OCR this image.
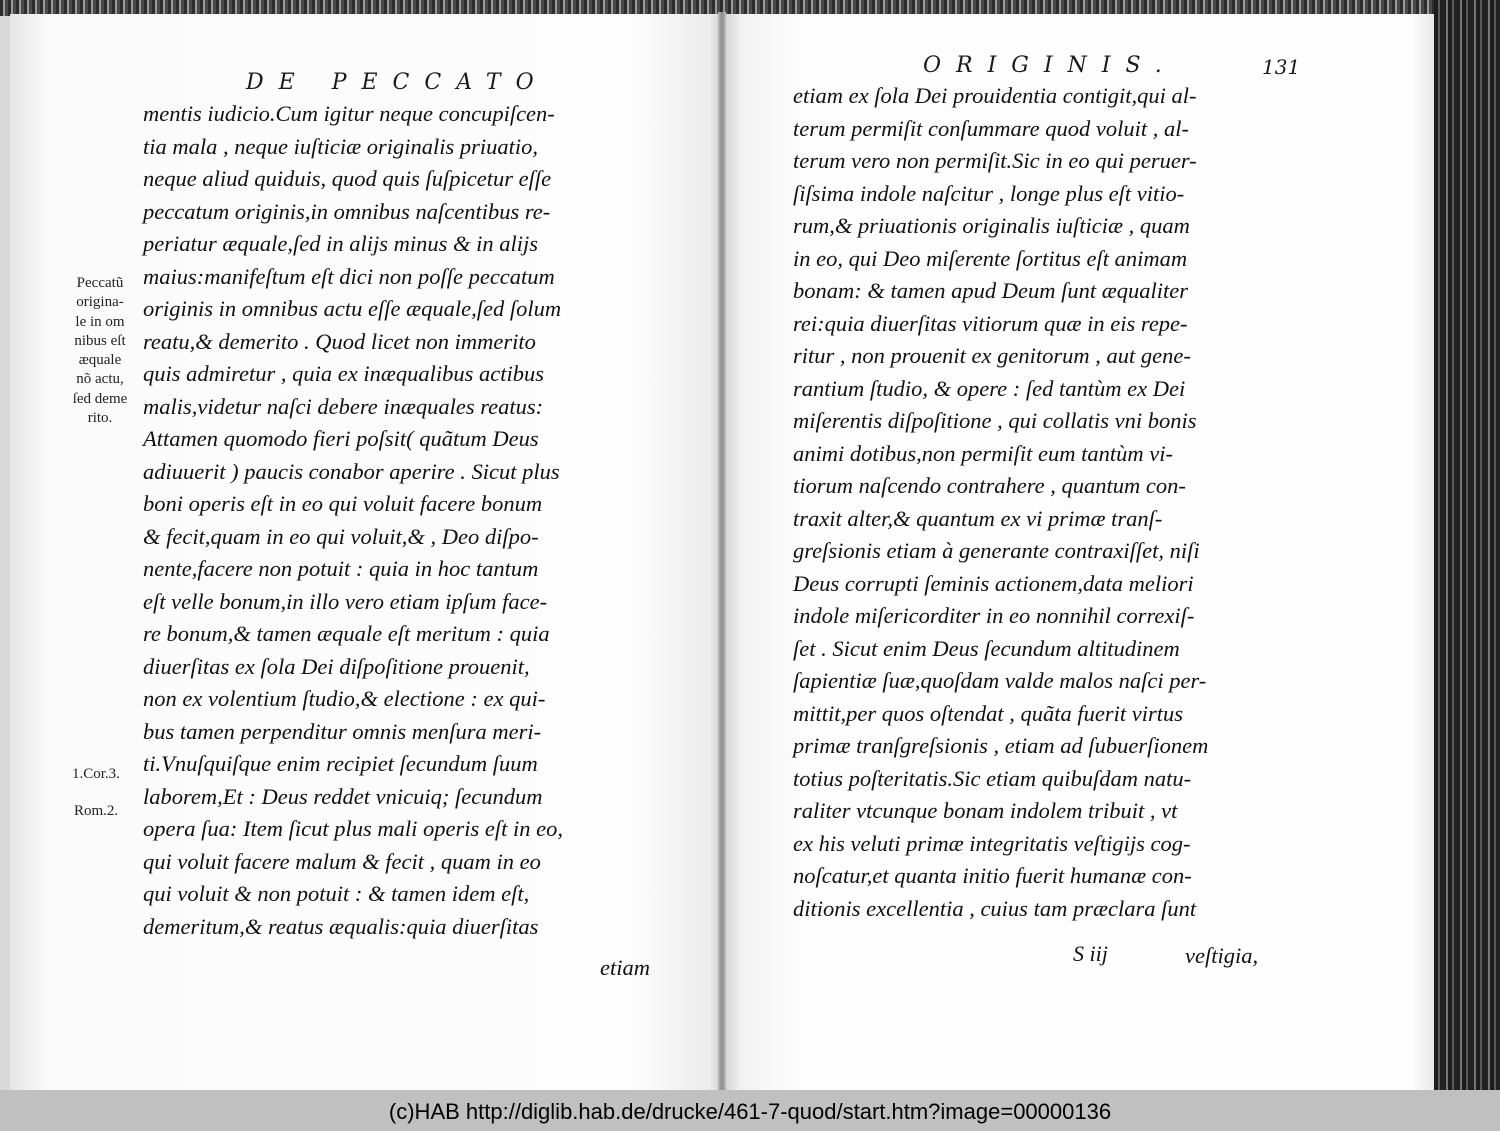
DE PECCATO
mentis iudicio.Cum igitur neque concupiſcen-
tia mala , neque iuſticiæ originalis priuatio,
neque aliud quiduis, quod quis ſuſpicetur eſſe
peccatum originis,in omnibus naſcentibus re-
periatur æquale,ſed in alijs minus & in alijs
maius:manifeſtum eſt dici non poſſe peccatum
originis in omnibus actu eſſe æquale,ſed ſolum
reatu,& demerito . Quod licet non immerito
quis admiretur , quia ex inæqualibus actibus
malis,videtur naſci debere inæquales reatus:
Attamen quomodo fieri poſsit( quãtum Deus
adiuuerit ) paucis conabor aperire . Sicut plus
boni operis eſt in eo qui voluit facere bonum
& fecit,quam in eo qui voluit,& , Deo diſpo-
nente,facere non potuit : quia in hoc tantum
eſt velle bonum,in illo vero etiam ipſum face-
re bonum,& tamen æquale eſt meritum : quia
diuerſitas ex ſola Dei diſpoſitione prouenit,
non ex volentium ſtudio,& electione : ex qui-
bus tamen perpenditur omnis menſura meri-
ti.Vnuſquiſque enim recipiet ſecundum ſuum
laborem,Et : Deus reddet vnicuiq; ſecundum
opera ſua: Item ſicut plus mali operis eſt in eo,
qui voluit facere malum & fecit , quam in eo
qui voluit & non potuit : & tamen idem eſt,
demeritum,& reatus æqualis:quia diuerſitas
etiam
Peccatũ
origina-
le in om
nibus eſt
æquale
nõ actu,
ſed deme
rito.
1.Cor.3.
Rom.2.
ORIGINIS.	131
etiam ex ſola Dei prouidentia contigit,qui al-
terum permiſit conſummare quod voluit , al-
terum vero non permiſit.Sic in eo qui peruer-
ſiſsima indole naſcitur , longe plus eſt vitio-
rum,& priuationis originalis iuſticiæ , quam
in eo, qui Deo miſerente ſortitus eſt animam
bonam: & tamen apud Deum ſunt æqualiter
rei:quia diuerſitas vitiorum quæ in eis repe-
ritur , non prouenit ex genitorum , aut gene-
rantium ſtudio, & opere : ſed tantùm ex Dei
miſerentis diſpoſitione , qui collatis vni bonis
animi dotibus,non permiſit eum tantùm vi-
tiorum naſcendo contrahere , quantum con-
traxit alter,& quantum ex vi primæ tranſ-
greſsionis etiam à generante contraxiſſet, niſi
Deus corrupti ſeminis actionem,data meliori
indole miſericorditer in eo nonnihil correxiſ-
ſet . Sicut enim Deus ſecundum altitudinem
ſapientiæ ſuæ,quoſdam valde malos naſci per-
mittit,per quos oſtendat , quãta fuerit virtus
primæ tranſgreſsionis , etiam ad ſubuerſionem
totius poſteritatis.Sic etiam quibuſdam natu-
raliter vtcunque bonam indolem tribuit , vt
ex his veluti primæ integritatis veſtigijs cog-
noſcatur,et quanta initio fuerit humanæ con-
ditionis excellentia , cuius tam præclara ſunt
S iij	veſtigia,
(c)HAB http://diglib.hab.de/drucke/461-7-quod/start.htm?image=00000136
